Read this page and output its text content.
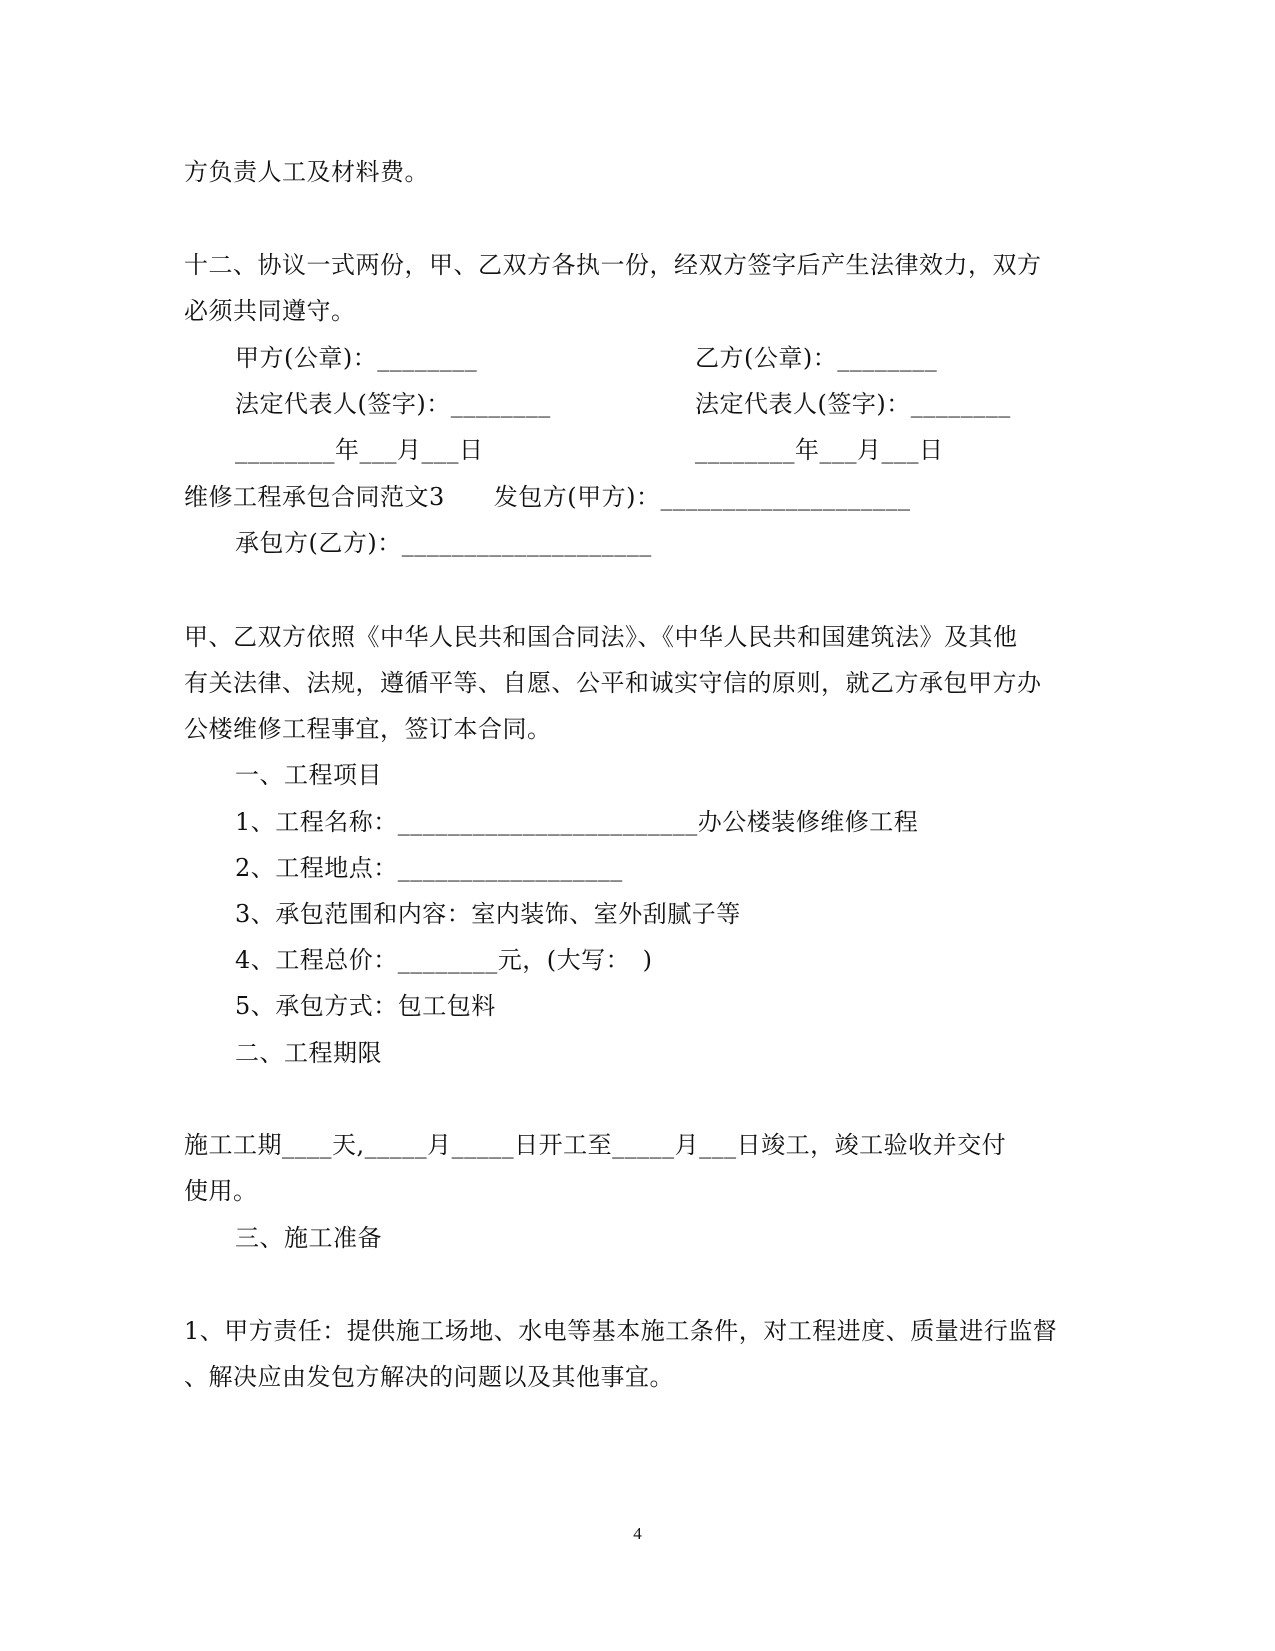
方负责人工及材料费。

十二、协议一式两份，甲、乙双方各执一份，经双方签字后产生法律效力，双方

必须共同遵守。

甲方(公章)：________	乙方(公章)：________

法定代表人(签字)：________	法定代表人(签字)：________

________年___月___日	________年___月___日

维修工程承包合同范文3　　发包方(甲方)：____________________

承包方(乙方)：____________________

甲、乙双方依照《中华人民共和国合同法》、《中华人民共和国建筑法》及其他

有关法律、法规，遵循平等、自愿、公平和诚实守信的原则，就乙方承包甲方办

公楼维修工程事宜，签订本合同。

一、工程项目

1、工程名称：________________________办公楼装修维修工程

2、工程地点：__________________

3、承包范围和内容：室内装饰、室外刮腻子等

4、工程总价：________元，(大写：　)

5、承包方式：包工包料

二、工程期限

施工工期____天,_____月_____日开工至_____月___日竣工，竣工验收并交付

使用。

三、施工准备

1、甲方责任：提供施工场地、水电等基本施工条件，对工程进度、质量进行监督

、解决应由发包方解决的问题以及其他事宜。

4
